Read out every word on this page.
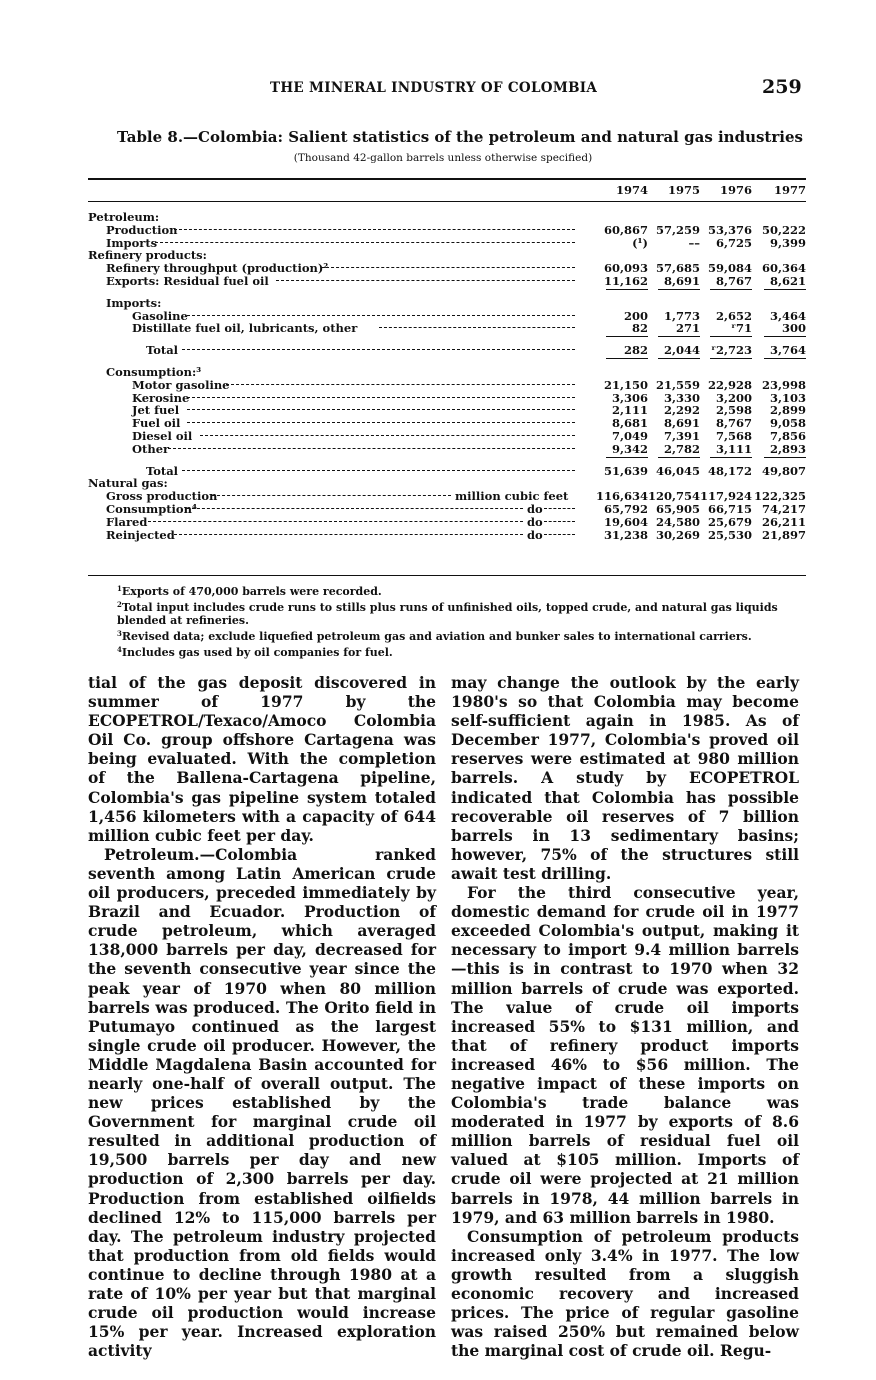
THE MINERAL INDUSTRY OF COLOMBIA	259
Table 8.—Colombia: Salient statistics of the petroleum and natural gas industries
(Thousand 42-gallon barrels unless otherwise specified)
1974	1975	1976	1977
Petroleum:
Production	60,867 57,259 53,376 50,222
Imports	(¹)	––	6,725	9,399
Refinery products:
Refinery throughput (production)²	60,093 57,685 59,084 60,364
Exports: Residual fuel oil	11,162	8,691	8,767	8,621
Imports:
Gasoline	200	1,773	2,652	3,464
Distillate fuel oil, lubricants, other	82	271	ʳ71	300
Total	282	2,044 ʳ2,723	3,764
Consumption:³
Motor gasoline	21,150 21,559 22,928 23,998
Kerosine	3,306	3,330	3,200	3,103
Jet fuel	2,111	2,292	2,598	2,899
Fuel oil	8,681	8,691	8,767	9,058
Diesel oil	7,049	7,391	7,568	7,856
Other	9,342	2,782	3,111	2,893
Total	51,639 46,045 48,172 49,807
Natural gas:
Gross production	million cubic feet	116,634 120,754 117,924 122,325
Consumption⁴	do	65,792 65,905 66,715 74,217
Flared	do	19,604 24,580 25,679 26,211
Reinjected	do	31,238 30,269 25,530 21,897

$^1$Exports of 470,000 barrels were recorded.

$^2$Total input includes crude runs to stills plus runs of unfinished oils, topped crude, and natural gas liquids blended at refineries.

$^3$Revised data; exclude liquefied petroleum gas and aviation and bunker sales to international carriers.

$^4$Includes gas used by oil companies for fuel.

tial of the gas deposit discovered in summer of 1977 by the ECOPETROL/Texaco/Amoco Colombia Oil Co. group offshore Cartagena was being evaluated. With the completion of the Ballena-Cartagena pipeline, Colombia's gas pipeline system totaled 1,456 kilometers with a capacity of 644 million cubic feet per day.

Petroleum.—Colombia ranked seventh among Latin American crude oil producers, preceded immediately by Brazil and Ecuador. Production of crude petroleum, which averaged 138,000 barrels per day, decreased for the seventh consecutive year since the peak year of 1970 when 80 million barrels was produced. The Orito field in Putumayo continued as the largest single crude oil producer. However, the Middle Magdalena Basin accounted for nearly one-half of overall output. The new prices established by the Government for marginal crude oil resulted in additional production of 19,500 barrels per day and new production of 2,300 barrels per day. Production from established oilfields declined 12% to 115,000 barrels per day. The petroleum industry projected that production from old fields would continue to decline through 1980 at a rate of 10% per year but that marginal crude oil production would increase 15% per year. Increased exploration activity

may change the outlook by the early 1980's so that Colombia may become self-sufficient again in 1985. As of December 1977, Colombia's proved oil reserves were estimated at 980 million barrels. A study by ECOPETROL indicated that Colombia has possible recoverable oil reserves of 7 billion barrels in 13 sedimentary basins; however, 75% of the structures still await test drilling.

For the third consecutive year, domestic demand for crude oil in 1977 exceeded Colombia's output, making it necessary to import 9.4 million barrels—this is in contrast to 1970 when 32 million barrels of crude was exported. The value of crude oil imports increased 55% to $131 million, and that of refinery product imports increased 46% to $56 million. The negative impact of these imports on Colombia's trade balance was moderated in 1977 by exports of 8.6 million barrels of residual fuel oil valued at $105 million. Imports of crude oil were projected at 21 million barrels in 1978, 44 million barrels in 1979, and 63 million barrels in 1980.

Consumption of petroleum products increased only 3.4% in 1977. The low growth resulted from a sluggish economic recovery and increased prices. The price of regular gasoline was raised 250% but remained below the marginal cost of crude oil. Regu-
